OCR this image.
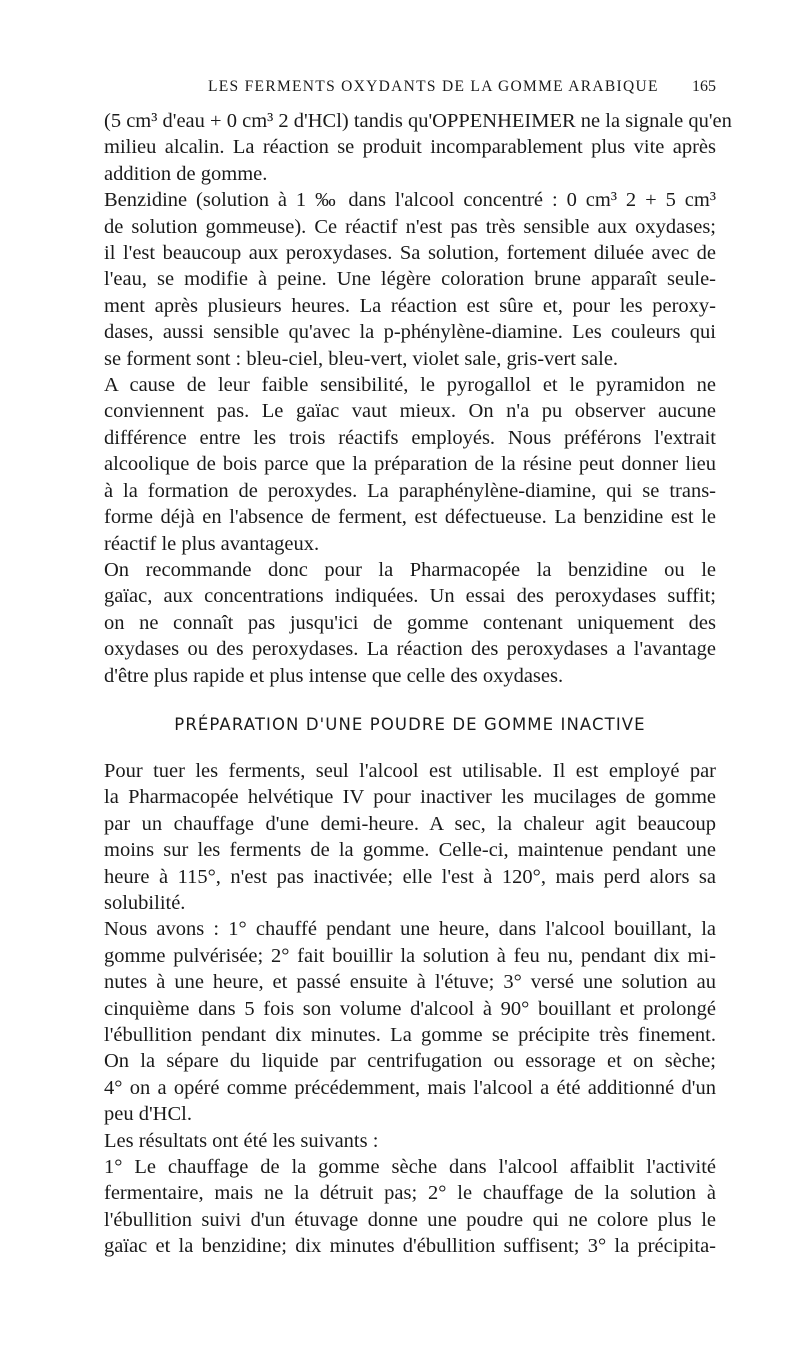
LES FERMENTS OXYDANTS DE LA GOMME ARABIQUE 165

(5 cm³ d'eau + 0 cm³ 2 d'HCl) tandis qu'OPPENHEIMER ne la signale qu'en
milieu alcalin. La réaction se produit incomparablement plus vite après
addition de gomme.

Benzidine (solution à 1 ‰ dans l'alcool concentré : 0 cm³ 2 + 5 cm³
de solution gommeuse). Ce réactif n'est pas très sensible aux oxydases;
il l'est beaucoup aux peroxydases. Sa solution, fortement diluée avec de
l'eau, se modifie à peine. Une légère coloration brune apparaît seule-
ment après plusieurs heures. La réaction est sûre et, pour les peroxy-
dases, aussi sensible qu'avec la p-phénylène-diamine. Les couleurs qui
se forment sont : bleu-ciel, bleu-vert, violet sale, gris-vert sale.

A cause de leur faible sensibilité, le pyrogallol et le pyramidon ne
conviennent pas. Le gaïac vaut mieux. On n'a pu observer aucune
différence entre les trois réactifs employés. Nous préférons l'extrait
alcoolique de bois parce que la préparation de la résine peut donner lieu
à la formation de peroxydes. La paraphénylène-diamine, qui se trans-
forme déjà en l'absence de ferment, est défectueuse. La benzidine est le
réactif le plus avantageux.

On recommande donc pour la Pharmacopée la benzidine ou le
gaïac, aux concentrations indiquées. Un essai des peroxydases suffit;
on ne connaît pas jusqu'ici de gomme contenant uniquement des
oxydases ou des peroxydases. La réaction des peroxydases a l'avantage
d'être plus rapide et plus intense que celle des oxydases.

PRÉPARATION D'UNE POUDRE DE GOMME INACTIVE

Pour tuer les ferments, seul l'alcool est utilisable. Il est employé par
la Pharmacopée helvétique IV pour inactiver les mucilages de gomme
par un chauffage d'une demi-heure. A sec, la chaleur agit beaucoup
moins sur les ferments de la gomme. Celle-ci, maintenue pendant une
heure à 115°, n'est pas inactivée; elle l'est à 120°, mais perd alors sa
solubilité.

Nous avons : 1° chauffé pendant une heure, dans l'alcool bouillant, la
gomme pulvérisée; 2° fait bouillir la solution à feu nu, pendant dix mi-
nutes à une heure, et passé ensuite à l'étuve; 3° versé une solution au
cinquième dans 5 fois son volume d'alcool à 90° bouillant et prolongé
l'ébullition pendant dix minutes. La gomme se précipite très finement.
On la sépare du liquide par centrifugation ou essorage et on sèche;
4° on a opéré comme précédemment, mais l'alcool a été additionné d'un
peu d'HCl.

Les résultats ont été les suivants :

1° Le chauffage de la gomme sèche dans l'alcool affaiblit l'activité
fermentaire, mais ne la détruit pas; 2° le chauffage de la solution à
l'ébullition suivi d'un étuvage donne une poudre qui ne colore plus le
gaïac et la benzidine; dix minutes d'ébullition suffisent; 3° la précipita-
